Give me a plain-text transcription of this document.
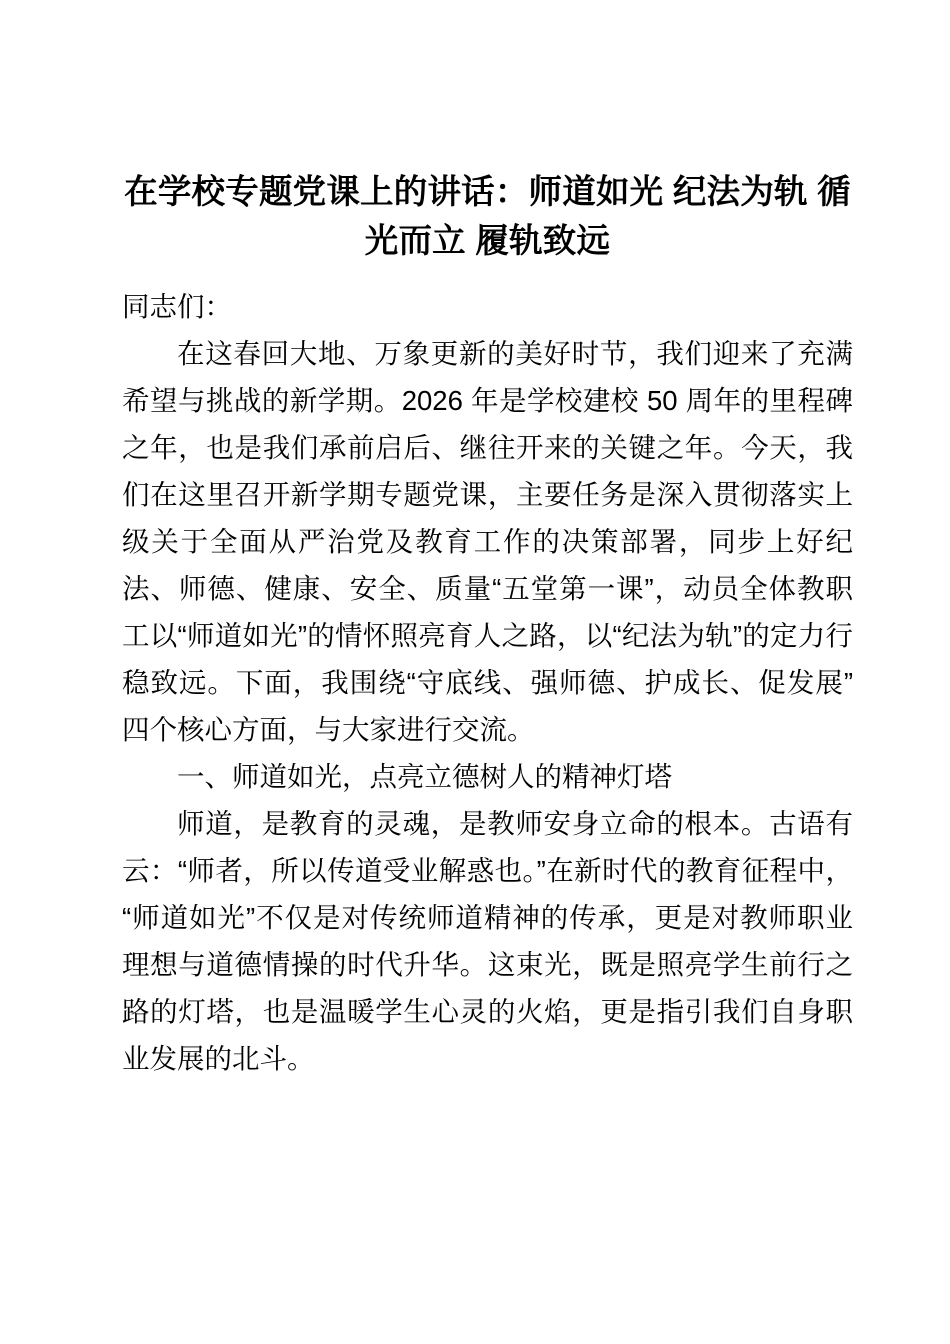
在学校专题党课上的讲话：师道如光 纪法为轨 循光而立 履轨致远

同志们：

在这春回大地、万象更新的美好时节，我们迎来了充满希望与挑战的新学期。2026 年是学校建校 50 周年的里程碑之年，也是我们承前启后、继往开来的关键之年。今天，我们在这里召开新学期专题党课，主要任务是深入贯彻落实上级关于全面从严治党及教育工作的决策部署，同步上好纪法、师德、健康、安全、质量“五堂第一课”，动员全体教职工以“师道如光”的情怀照亮育人之路，以“纪法为轨”的定力行稳致远。下面，我围绕“守底线、强师德、护成长、促发展”四个核心方面，与大家进行交流。

一、师道如光，点亮立德树人的精神灯塔

师道，是教育的灵魂，是教师安身立命的根本。古语有云：“师者，所以传道受业解惑也。”在新时代的教育征程中，“师道如光”不仅是对传统师道精神的传承，更是对教师职业理想与道德情操的时代升华。这束光，既是照亮学生前行之路的灯塔，也是温暖学生心灵的火焰，更是指引我们自身职业发展的北斗。
